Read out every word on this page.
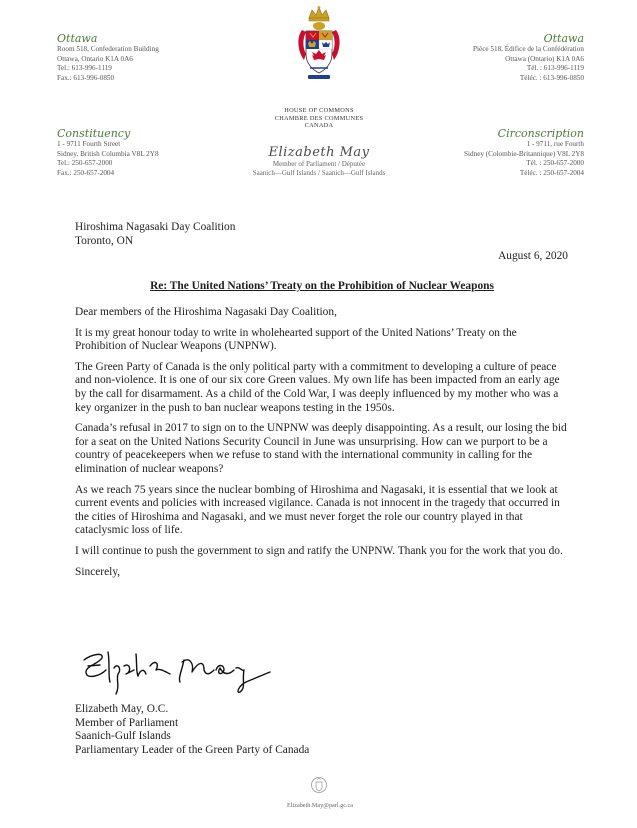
Ottawa
Room 518, Confederation Building
Ottawa, Ontario K1A 0A6
Tel.: 613-996-1119
Fax.: 613-996-0850
Ottawa
Pièce 518, Édifice de la Confédération
Ottawa (Ontario) K1A 0A6
Tél. : 613-996-1119
Téléc. : 613-996-0850
HOUSE OF COMMONS
CHAMBRE DES COMMUNES
CANADA
Constituency
1 - 9711 Fourth Street
Sidney, British Columbia V8L 2Y8
Tel.: 250-657-2000
Fax.: 250-657-2004
Elizabeth May
Member of Parliament / Députée
Saanich—Gulf Islands / Saanich—Gulf Islands
Circonscription
1 - 9711, rue Fourth
Sidney (Colombie-Britannique) V8L 2Y8
Tél. : 250-657-2000
Téléc. : 250-657-2004
Hiroshima Nagasaki Day Coalition
Toronto, ON
August 6, 2020
Re: The United Nations’ Treaty on the Prohibition of Nuclear Weapons

Dear members of the Hiroshima Nagasaki Day Coalition,

It is my great honour today to write in wholehearted support of the United Nations’ Treaty on the Prohibition of Nuclear Weapons (UNPNW).

The Green Party of Canada is the only political party with a commitment to developing a culture of peace and non-violence. It is one of our six core Green values. My own life has been impacted from an early age by the call for disarmament. As a child of the Cold War, I was deeply influenced by my mother who was a key organizer in the push to ban nuclear weapons testing in the 1950s.

Canada’s refusal in 2017 to sign on to the UNPNW was deeply disappointing. As a result, our losing the bid for a seat on the United Nations Security Council in June was unsurprising. How can we purport to be a country of peacekeepers when we refuse to stand with the international community in calling for the elimination of nuclear weapons?

As we reach 75 years since the nuclear bombing of Hiroshima and Nagasaki, it is essential that we look at current events and policies with increased vigilance. Canada is not innocent in the tragedy that occurred in the cities of Hiroshima and Nagasaki, and we must never forget the role our country played in that cataclysmic loss of life.

I will continue to push the government to sign and ratify the UNPNW. Thank you for the work that you do.

Sincerely,

Elizabeth May, O.C.
Member of Parliament
Saanich-Gulf Islands
Parliamentary Leader of the Green Party of Canada
Elizabeth.May@parl.gc.ca
